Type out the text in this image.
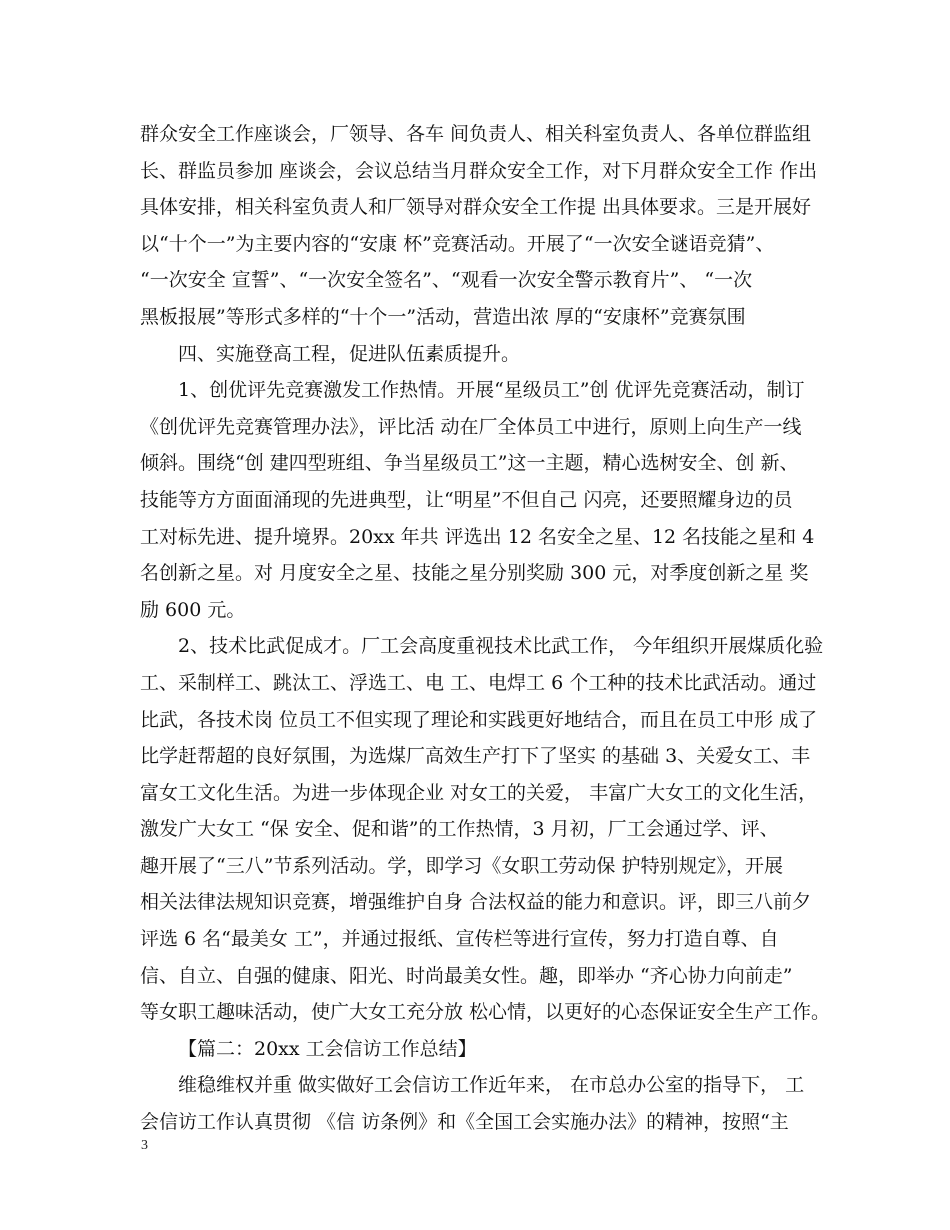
群众安全工作座谈会，厂领导、各车 间负责人、相关科室负责人、各单位群监组
长、群监员参加 座谈会，会议总结当月群众安全工作，对下月群众安全工作 作出
具体安排，相关科室负责人和厂领导对群众安全工作提 出具体要求。三是开展好
以“十个一”为主要内容的“安康 杯”竞赛活动。开展了“一次安全谜语竞猜”、
“一次安全 宣誓”、“一次安全签名”、“观看一次安全警示教育片”、 “一次
黑板报展”等形式多样的“十个一”活动，营造出浓 厚的“安康杯”竞赛氛围
四、实施登高工程，促进队伍素质提升。
1、创优评先竞赛激发工作热情。开展“星级员工”创 优评先竞赛活动，制订
《创优评先竞赛管理办法》，评比活 动在厂全体员工中进行，原则上向生产一线
倾斜。围绕“创 建四型班组、争当星级员工”这一主题，精心选树安全、创 新、
技能等方方面面涌现的先进典型，让“明星”不但自己 闪亮，还要照耀身边的员
工对标先进、提升境界。20xx 年共 评选出 12 名安全之星、12 名技能之星和 4
名创新之星。对 月度安全之星、技能之星分别奖励 300 元，对季度创新之星 奖
励 600 元。
2、技术比武促成才。厂工会高度重视技术比武工作， 今年组织开展煤质化验
工、采制样工、跳汰工、浮选工、电 工、电焊工 6 个工种的技术比武活动。通过
比武，各技术岗 位员工不但实现了理论和实践更好地结合，而且在员工中形 成了
比学赶帮超的良好氛围，为选煤厂高效生产打下了坚实 的基础 3、关爱女工、丰
富女工文化生活。为进一步体现企业 对女工的关爱， 丰富广大女工的文化生活，
激发广大女工 “保 安全、促和谐”的工作热情，3 月初，厂工会通过学、评、
趣开展了“三八”节系列活动。学，即学习《女职工劳动保 护特别规定》，开展
相关法律法规知识竞赛，增强维护自身 合法权益的能力和意识。评，即三八前夕
评选 6 名“最美女 工”，并通过报纸、宣传栏等进行宣传，努力打造自尊、自
信、自立、自强的健康、阳光、时尚最美女性。趣，即举办 “齐心协力向前走”
等女职工趣味活动，使广大女工充分放 松心情，以更好的心态保证安全生产工作。
【篇二：20xx 工会信访工作总结】
维稳维权并重 做实做好工会信访工作近年来， 在市总办公室的指导下， 工
会信访工作认真贯彻 《信 访条例》和《全国工会实施办法》的精神，按照“主
3
